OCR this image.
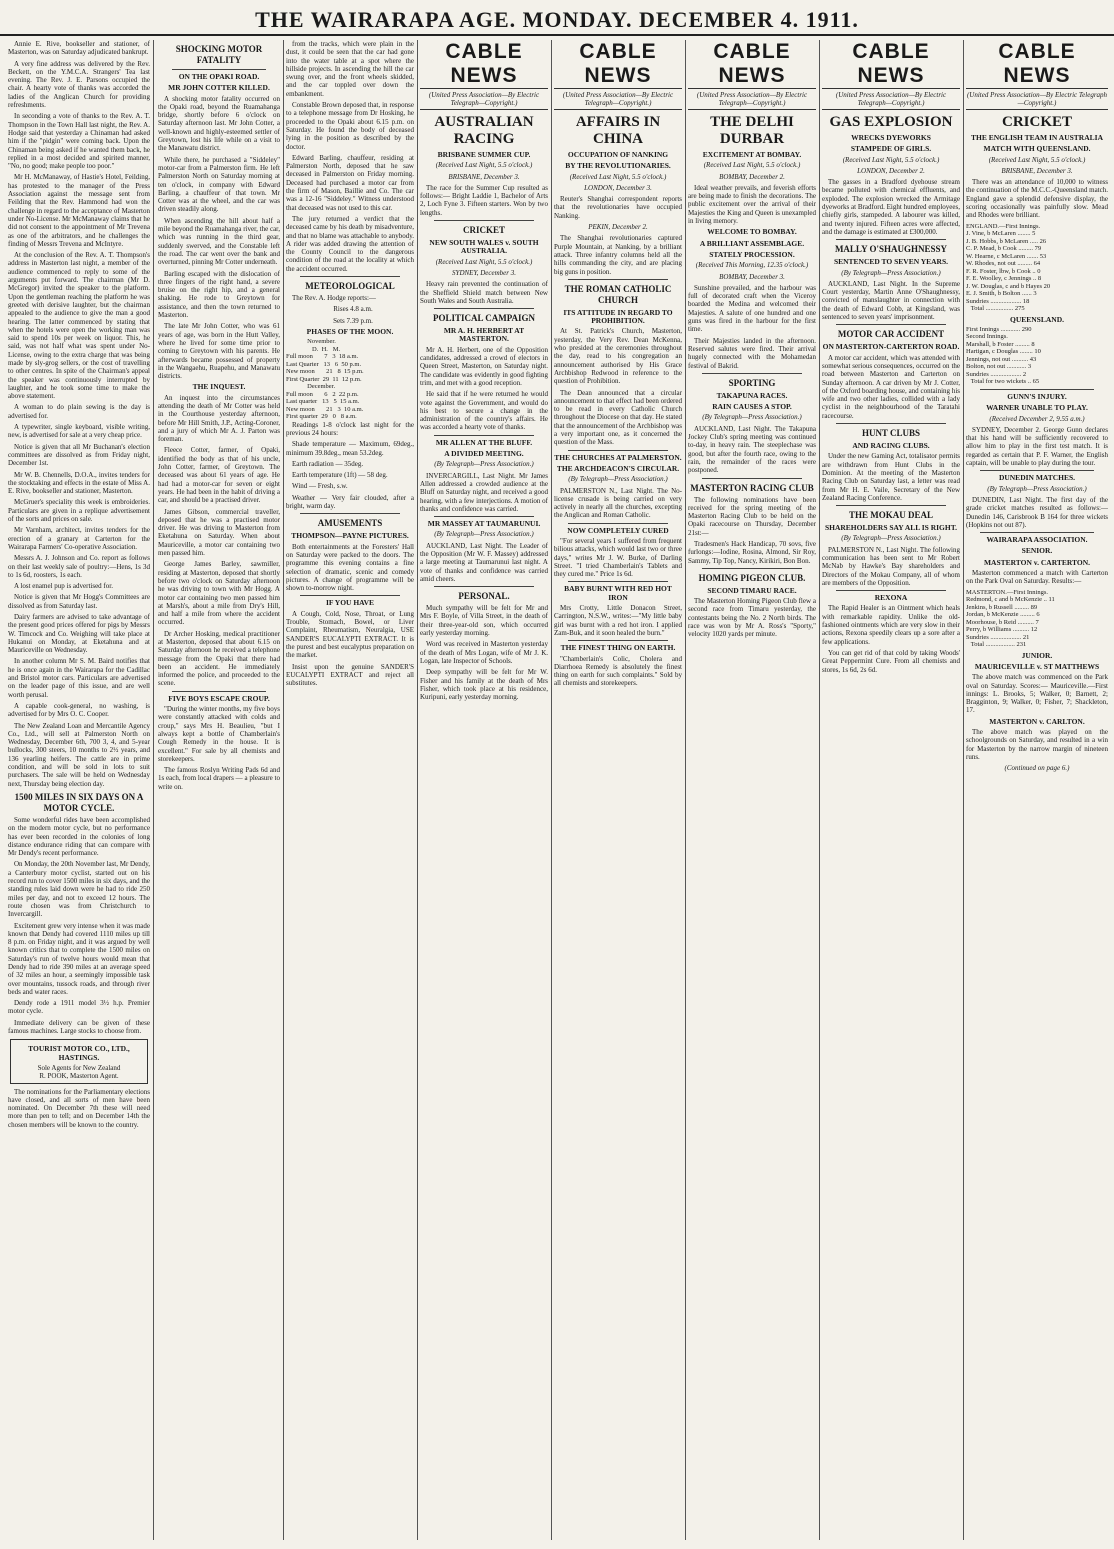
THE WAIRARAPA AGE. MONDAY. DECEMBER 4. 1911.

Annie E. Rive, bookseller and stationer, of Masterton, was on Saturday adjudicated bankrupt.

A very fine address was delivered by the Rev. Beckett, on the Y.M.C.A. Strangers' Tea last evening. The Rev. J. E. Parsons occupied the chair. A hearty vote of thanks was accorded the ladies of the Anglican Church for providing refreshments.

In seconding a vote of thanks to the Rev. A. T. Thompson in the Town Hall last night, the Rev. A. Hodge said that yesterday a Chinaman had asked him if the "pidgin" were coming back. Upon the Chinaman being asked if he wanted them back, he replied in a most decided and spirited manner, "No, no good; make people too poor."

Mr H. McManaway, of Hastie's Hotel, Feilding, has protested to the manager of the Press Association against the message sent from Feilding that the Rev. Hammond had won the challenge in regard to the acceptance of Masterton under No-License. Mr McManaway claims that he did not consent to the appointment of Mr Trevena as one of the arbitrators, and he challenges the finding of Messrs Trevena and McIntyre.

At the conclusion of the Rev. A. T. Thompson's address in Masterton last night, a member of the audience commenced to reply to some of the arguments put forward. The chairman (Mr D. McGregor) invited the speaker to the platform. Upon the gentleman reaching the platform he was greeted with derisive laughter, but the chairman appealed to the audience to give the man a good hearing. The latter commenced by stating that when the hotels were open the working man was said to spend 10s per week on liquor. This, he said, was not half what was spent under No-License, owing to the extra charge that was being made by sly-grog sellers, or the cost of travelling to other centres. In spite of the Chairman's appeal the speaker was continuously interrupted by laughter, and he took some time to make the above statement.

A woman to do plain sewing is the day is advertised for.

A typewriter, single keyboard, visible writing, new, is advertised for sale at a very cheap price.

Notice is given that all Mr Buchanan's election committees are dissolved as from Friday night, December 1st.

Mr W. B. Chennells, D.O.A., invites tenders for the stocktaking and effects in the estate of Miss A. E. Rive, bookseller and stationer, Masterton.

McGruer's speciality this week is embroideries. Particulars are given in a replique advertisement of the sorts and prices on sale.

Mr Varnham, architect, invites tenders for the erection of a granary at Carterton for the Wairarapa Farmers' Co-operative Association.

Messrs A. J. Johnson and Co. report as follows on their last weekly sale of poultry:—Hens, 1s 3d to 1s 6d, roosters, 1s each.

A lost enamel pup is advertised for.

Notice is given that Mr Hogg's Committees are dissolved as from Saturday last.

Dairy farmers are advised to take advantage of the present good prices offered for pigs by Messrs W. Timcock and Co. Weighing will take place at Hukanui on Monday, at Eketahuna and at Mauriceville on Wednesday.

In another column Mr S. M. Baird notifies that he is once again in the Wairarapa for the Cadillac and Bristol motor cars. Particulars are advertised on the leader page of this issue, and are well worth perusal.

A capable cook-general, no washing, is advertised for by Mrs O. C. Cooper.

The New Zealand Loan and Mercantile Agency Co., Ltd., will sell at Palmerston North on Wednesday, December 6th, 700 3, 4, and 5-year bullocks, 300 steers, 10 months to 2½ years, and 136 yearling heifers. The cattle are in prime condition, and will be sold in lots to suit purchasers. The sale will be held on Wednesday next, Thursday being election day.

1500 MILES IN SIX DAYS ON A MOTOR CYCLE.

Some wonderful rides have been accomplished on the modern motor cycle, but no performance has ever been recorded in the colonies of long distance endurance riding that can compare with Mr Dendy's recent performance.

On Monday, the 20th November last, Mr Dendy, a Canterbury motor cyclist, started out on his record run to cover 1500 miles in six days, and the standing rules laid down were he had to ride 250 miles per day, and not to exceed 12 hours. The route chosen was from Christchurch to Invercargill.

Excitement grew very intense when it was made known that Dendy had covered 1110 miles up till 8 p.m. on Friday night, and it was argued by well known critics that to complete the 1500 miles on Saturday's run of twelve hours would mean that Dendy had to ride 390 miles at an average speed of 32 miles an hour, a seemingly impossible task over mountains, tussock roads, and through river beds and water races.

Dendy rode a 1911 model 3½ h.p. Premier motor cycle.

Immediate delivery can be given of these famous machines. Large stocks to choose from.

TOURIST MOTOR CO., LTD., HASTINGS.
Sole Agents for New Zealand
R. POOK, Masterton Agent.

The nominations for the Parliamentary elections have closed, and all sorts of men have been nominated. On December 7th these will need more than pen to tell; and on December 14th the chosen members will be known to the country.

SHOCKING MOTOR FATALITY
ON THE OPAKI ROAD.
MR JOHN COTTER KILLED.

A shocking motor fatality occurred on the Opaki road, beyond the Ruamahanga bridge, shortly before 6 o'clock on Saturday afternoon last. Mr John Cotter, a well-known and highly-esteemed settler of Greytown, lost his life while on a visit to the Manawatu district.

While there, he purchased a "Siddeley" motor-car from a Palmerston firm. He left Palmerston North on Saturday morning at ten o'clock, in company with Edward Barling, a chauffeur of that town. Mr Cotter was at the wheel, and the car was driven steadily along.

When ascending the hill about half a mile beyond the Ruamahanga river, the car, which was running in the third gear, suddenly swerved, and the Constable left the road. The car went over the bank and overturned, pinning Mr Cotter underneath.

Barling escaped with the dislocation of three fingers of the right hand, a severe bruise on the right hip, and a general shaking. He rode to Greytown for assistance, and then the town returned to Masterton.

The late Mr John Cotter, who was 61 years of age, was born in the Hutt Valley, where he lived for some time prior to coming to Greytown with his parents. He afterwards became possessed of property in the Wangaehu, Ruapehu, and Manawatu districts.

THE INQUEST.

An inquest into the circumstances attending the death of Mr Cotter was held in the Courthouse yesterday afternoon, before Mr Hill Smith, J.P., Acting-Coroner, and a jury of which Mr A. J. Parton was foreman.

Fleece Cotter, farmer, of Opaki, identified the body as that of his uncle, John Cotter, farmer, of Greytown. The deceased was about 61 years of age. He had had a motor-car for seven or eight years. He had been in the habit of driving a car, and should be a practised driver.

James Gibson, commercial traveller, deposed that he was a practised motor driver. He was driving to Masterton from Eketahuna on Saturday. When about Mauriceville, a motor car containing two men passed him.

George James Barley, sawmiller, residing at Masterton, deposed that shortly before two o'clock on Saturday afternoon he was driving to town with Mr Hogg. A motor car containing two men passed him at Marsh's, about a mile from Dry's Hill, and half a mile from where the accident occurred.

Dr Archer Hosking, medical practitioner at Masterton, deposed that about 6.15 on Saturday afternoon he received a telephone message from the Opaki that there had been an accident. He immediately informed the police, and proceeded to the scene.

FIVE BOYS ESCAPE CROUP.

"During the winter months, my five boys were constantly attacked with colds and croup," says Mrs H. Beaulieu, "but I always kept a bottle of Chamberlain's Cough Remedy in the house. It is excellent." For sale by all chemists and storekeepers.

The famous Roslyn Writing Pads 6d and 1s each, from local drapers — a pleasure to write on.

from the tracks, which were plain in the dust, it could be seen that the car had gone into the water table at a spot where the hillside projects. In ascending the hill the car swung over, and the front wheels skidded, and the car toppled over down the embankment.

Constable Brown deposed that, in response to a telephone message from Dr Hosking, he proceeded to the Opaki about 6.15 p.m. on Saturday. He found the body of deceased lying in the position as described by the doctor.

Edward Barling, chauffeur, residing at Palmerston North, deposed that he saw deceased in Palmerston on Friday morning. Deceased had purchased a motor car from the firm of Mason, Baillie and Co. The car was a 12-16 "Siddeley." Witness understood that deceased was not used to this car.

The jury returned a verdict that the deceased came by his death by misadventure, and that no blame was attachable to anybody. A rider was added drawing the attention of the County Council to the dangerous condition of the road at the locality at which the accident occurred.

METEOROLOGICAL

The Rev. A. Hodge reports:—

Rises 4.8 a.m.

Sets 7.39 p.m.

PHASES OF THE MOON.
November.
D.  H.   M.
Full moon       7   3  18 a.m.
Last Quarter   13   6  50 p.m.
New moon       21   8  15 p.m.
First Quarter  29  11  12 p.m.
December.
Full moon       6   2  22 p.m.
Last quarter   13   5  15 a.m.
New moon       21   3  10 a.m.
First quarter  29   0   8 a.m.

Readings 1-8 o'clock last night for the previous 24 hours:

Shade temperature — Maximum, 69deg., minimum 39.8deg., mean 53.2deg.

Earth radiation — 35deg.

Earth temperature (1ft) — 58 deg.

Wind — Fresh, s.w.

Weather — Very fair clouded, after a bright, warm day.

AMUSEMENTS
THOMPSON—PAYNE PICTURES.

Both entertainments at the Foresters' Hall on Saturday were packed to the doors. The programme this evening contains a fine selection of dramatic, scenic and comedy pictures. A change of programme will be shown to-morrow night.

IF YOU HAVE

A Cough, Cold, Nose, Throat, or Lung Trouble, Stomach, Bowel, or Liver Complaint, Rheumatism, Neuralgia, USE SANDER'S EUCALYPTI EXTRACT. It is the purest and best eucalyptus preparation on the market.

Insist upon the genuine SANDER'S EUCALYPTI EXTRACT and reject all substitutes.

CABLE NEWS
(United Press Association—By Electric Telegraph—Copyright.)
AUSTRALIAN RACING
BRISBANE SUMMER CUP.
(Received Last Night, 5.5 o'clock.)
BRISBANE, December 3.

The race for the Summer Cup resulted as follows:— Bright Laddie 1, Bachelor of Arts 2, Loch Fyne 3. Fifteen starters. Won by two lengths.

CRICKET
NEW SOUTH WALES v. SOUTH AUSTRALIA.
(Received Last Night, 5.5 o'clock.)
SYDNEY, December 3.

Heavy rain prevented the continuation of the Sheffield Shield match between New South Wales and South Australia.

POLITICAL CAMPAIGN
MR A. H. HERBERT AT MASTERTON.

Mr A. H. Herbert, one of the Opposition candidates, addressed a crowd of electors in Queen Street, Masterton, on Saturday night. The candidate was evidently in good fighting trim, and met with a good reception.

He said that if he were returned he would vote against the Government, and would do his best to secure a change in the administration of the country's affairs. He was accorded a hearty vote of thanks.

MR ALLEN AT THE BLUFF.
A DIVIDED MEETING.
(By Telegraph—Press Association.)

INVERCARGILL, Last Night. Mr James Allen addressed a crowded audience at the Bluff on Saturday night, and received a good hearing, with a few interjections. A motion of thanks and confidence was carried.

MR MASSEY AT TAUMARUNUI.
(By Telegraph—Press Association.)

AUCKLAND, Last Night. The Leader of the Opposition (Mr W. F. Massey) addressed a large meeting at Taumarunui last night. A vote of thanks and confidence was carried amid cheers.

PERSONAL.

Much sympathy will be felt for Mr and Mrs F. Boyle, of Villa Street, in the death of their three-year-old son, which occurred early yesterday morning.

Word was received in Masterton yesterday of the death of Mrs Logan, wife of Mr J. K. Logan, late Inspector of Schools.

Deep sympathy will be felt for Mr W. Fisher and his family at the death of Mrs Fisher, which took place at his residence, Kuripuni, early yesterday morning.

CABLE NEWS
(United Press Association—By Electric Telegraph—Copyright.)
AFFAIRS IN CHINA
OCCUPATION OF NANKING
BY THE REVOLUTIONARIES.
(Received Last Night, 5.5 o'clock.)
LONDON, December 3.

Reuter's Shanghai correspondent reports that the revolutionaries have occupied Nanking.

PEKIN, December 2.

The Shanghai revolutionaries captured Purple Mountain, at Nanking, by a brilliant attack. Three infantry columns held all the hills commanding the city, and are placing big guns in position.

THE ROMAN CATHOLIC CHURCH
ITS ATTITUDE IN REGARD TO PROHIBITION.

At St. Patrick's Church, Masterton, yesterday, the Very Rev. Dean McKenna, who presided at the ceremonies throughout the day, read to his congregation an announcement authorised by His Grace Archbishop Redwood in reference to the question of Prohibition.

The Dean announced that a circular announcement to that effect had been ordered to be read in every Catholic Church throughout the Diocese on that day. He stated that the announcement of the Archbishop was a very important one, as it concerned the question of the Mass.

THE CHURCHES AT PALMERSTON.
THE ARCHDEACON'S CIRCULAR.
(By Telegraph—Press Association.)

PALMERSTON N., Last Night. The No-license crusade is being carried on very actively in nearly all the churches, excepting the Anglican and Roman Catholic.

NOW COMPLETELY CURED

"For several years I suffered from frequent bilious attacks, which would last two or three days," writes Mr J. W. Burke, of Darling Street. "I tried Chamberlain's Tablets and they cured me." Price 1s 6d.

BABY BURNT WITH RED HOT IRON

Mrs Crotty, Little Donacon Street, Carrington, N.S.W., writes:—"My little baby girl was burnt with a red hot iron. I applied Zam-Buk, and it soon healed the burn."

THE FINEST THING ON EARTH.

"Chamberlain's Colic, Cholera and Diarrhoea Remedy is absolutely the finest thing on earth for such complaints." Sold by all chemists and storekeepers.

CABLE NEWS
(United Press Association—By Electric Telegraph—Copyright.)
THE DELHI DURBAR
EXCITEMENT AT BOMBAY.
(Received Last Night, 5.5 o'clock.)
BOMBAY, December 2.

Ideal weather prevails, and feverish efforts are being made to finish the decorations. The public excitement over the arrival of their Majesties the King and Queen is unexampled in living memory.

WELCOME TO BOMBAY.
A BRILLIANT ASSEMBLAGE.
STATELY PROCESSION.
(Received This Morning, 12.35 o'clock.)
BOMBAY, December 3.

Sunshine prevailed, and the harbour was full of decorated craft when the Viceroy boarded the Medina and welcomed their Majesties. A salute of one hundred and one guns was fired in the harbour for the first time.

Their Majesties landed in the afternoon. Reserved salutes were fired. Their arrival hugely connected with the Mohamedan festival of Bakrid.

SPORTING
TAKAPUNA RACES.
RAIN CAUSES A STOP.
(By Telegraph—Press Association.)

AUCKLAND, Last Night. The Takapuna Jockey Club's spring meeting was continued to-day, in heavy rain. The steeplechase was good, but after the fourth race, owing to the rain, the remainder of the races were postponed.

MASTERTON RACING CLUB

The following nominations have been received for the spring meeting of the Masterton Racing Club to be held on the Opaki racecourse on Thursday, December 21st:—

Tradesmen's Hack Handicap, 70 sovs, five furlongs:—Iodine, Rosina, Almond, Sir Roy, Sammy, Tip Top, Nancy, Kirikiri, Bon Bon.

HOMING PIGEON CLUB.
SECOND TIMARU RACE.

The Masterton Homing Pigeon Club flew a second race from Timaru yesterday, the contestants being the No. 2 North birds. The race was won by Mr A. Ross's "Sporty," velocity 1020 yards per minute.

CABLE NEWS
(United Press Association—By Electric Telegraph—Copyright.)
GAS EXPLOSION
WRECKS DYEWORKS
STAMPEDE OF GIRLS.
(Received Last Night, 5.5 o'clock.)
LONDON, December 2.

The gasses in a Bradford dyehouse stream became polluted with chemical effluents, and exploded. The explosion wrecked the Armitage dyeworks at Bradford. Eight hundred employees, chiefly girls, stampeded. A labourer was killed, and twenty injured. Fifteen acres were affected, and the damage is estimated at £300,000.

MALLY O'SHAUGHNESSY
SENTENCED TO SEVEN YEARS.
(By Telegraph—Press Association.)

AUCKLAND, Last Night. In the Supreme Court yesterday, Martin Anne O'Shaughnessy, convicted of manslaughter in connection with the death of Edward Cobb, at Kingsland, was sentenced to seven years' imprisonment.

MOTOR CAR ACCIDENT
ON MASTERTON-CARTERTON ROAD.

A motor car accident, which was attended with somewhat serious consequences, occurred on the road between Masterton and Carterton on Sunday afternoon. A car driven by Mr J. Cotter, of the Oxford boarding house, and containing his wife and two other ladies, collided with a lady cyclist in the neighbourhood of the Taratahi racecourse.

HUNT CLUBS
AND RACING CLUBS.

Under the new Gaming Act, totalisator permits are withdrawn from Hunt Clubs in the Dominion. At the meeting of the Masterton Racing Club on Saturday last, a letter was read from Mr H. E. Vaile, Secretary of the New Zealand Racing Conference.

THE MOKAU DEAL
SHAREHOLDERS SAY ALL IS RIGHT.
(By Telegraph—Press Association.)

PALMERSTON N., Last Night. The following communication has been sent to Mr Robert McNab by Hawke's Bay shareholders and Directors of the Mokau Company, all of whom are members of the Opposition.

REXONA

The Rapid Healer is an Ointment which heals with remarkable rapidity. Unlike the old-fashioned ointments which are very slow in their actions, Rexona speedily clears up a sore after a few applications.

You can get rid of that cold by taking Woods' Great Peppermint Cure. From all chemists and stores, 1s 6d, 2s 6d.

CABLE NEWS
(United Press Association—By Electric Telegraph—Copyright.)
CRICKET
THE ENGLISH TEAM IN AUSTRALIA
MATCH WITH QUEENSLAND.
(Received Last Night, 5.5 o'clock.)
BRISBANE, December 3.

There was an attendance of 10,000 to witness the continuation of the M.C.C.-Queensland match. England gave a splendid defensive display, the scoring occasionally was painfully slow. Mead and Rhodes were brilliant.

ENGLAND.—First Innings.
J. Vine, b McLaren ........ 5
J. B. Hobbs, b McLaren ..... 26
C. P. Mead, b Cook ......... 79
W. Hearne, c McLaren ....... 53
W. Rhodes, not out ......... 64
F. R. Foster, lbw, b Cook .. 0
F. E. Woolley, c Jennings .. 8
J. W. Douglas, c and b Hayes 20
E. J. Smith, b Bolton ...... 3
Sundries ................... 18
Total ................. 275
QUEENSLAND.
First Innings ............ 290
Second Innings.
Marshall, b Foster ......... 8
Hartigan, c Douglas ........ 10
Jennings, not out .......... 43
Bolton, not out ............ 3
Sundries ................... 2
Total for two wickets .. 65
GUNN'S INJURY.
WARNER UNABLE TO PLAY.
(Received December 2, 9.55 a.m.)

SYDNEY, December 2. George Gunn declares that his hand will be sufficiently recovered to allow him to play in the first test match. It is regarded as certain that P. F. Warner, the English captain, will be unable to play during the tour.

DUNEDIN MATCHES.
(By Telegraph—Press Association.)

DUNEDIN, Last Night. The first day of the grade cricket matches resulted as follows:—Dunedin 146, Carisbrook B 164 for three wickets (Hopkins not out 87).

WAIRARAPA ASSOCIATION.
SENIOR.
MASTERTON v. CARTERTON.

Masterton commenced a match with Carterton on the Park Oval on Saturday. Results:—

MASTERTON.—First Innings.
Redmond, c and b McKenzie .. 11
Jenkins, b Russell ......... 89
Jordan, b McKenzie ......... 6
Moorhouse, b Reid .......... 7
Perry, b Williams .......... 12
Sundries ................... 21
Total .................. 231
JUNIOR.
MAURICEVILLE v. ST MATTHEWS

The above match was commenced on the Park oval on Saturday. Scores:— Mauriceville.—First innings: L. Brooks, 5; Walker, 0; Barnett, 2; Bragginton, 9; Walker, 0; Fisher, 7; Shackleton, 17.

MASTERTON v. CARLTON.

The above match was played on the schoolgrounds on Saturday, and resulted in a win for Masterton by the narrow margin of nineteen runs.

(Continued on page 6.)
